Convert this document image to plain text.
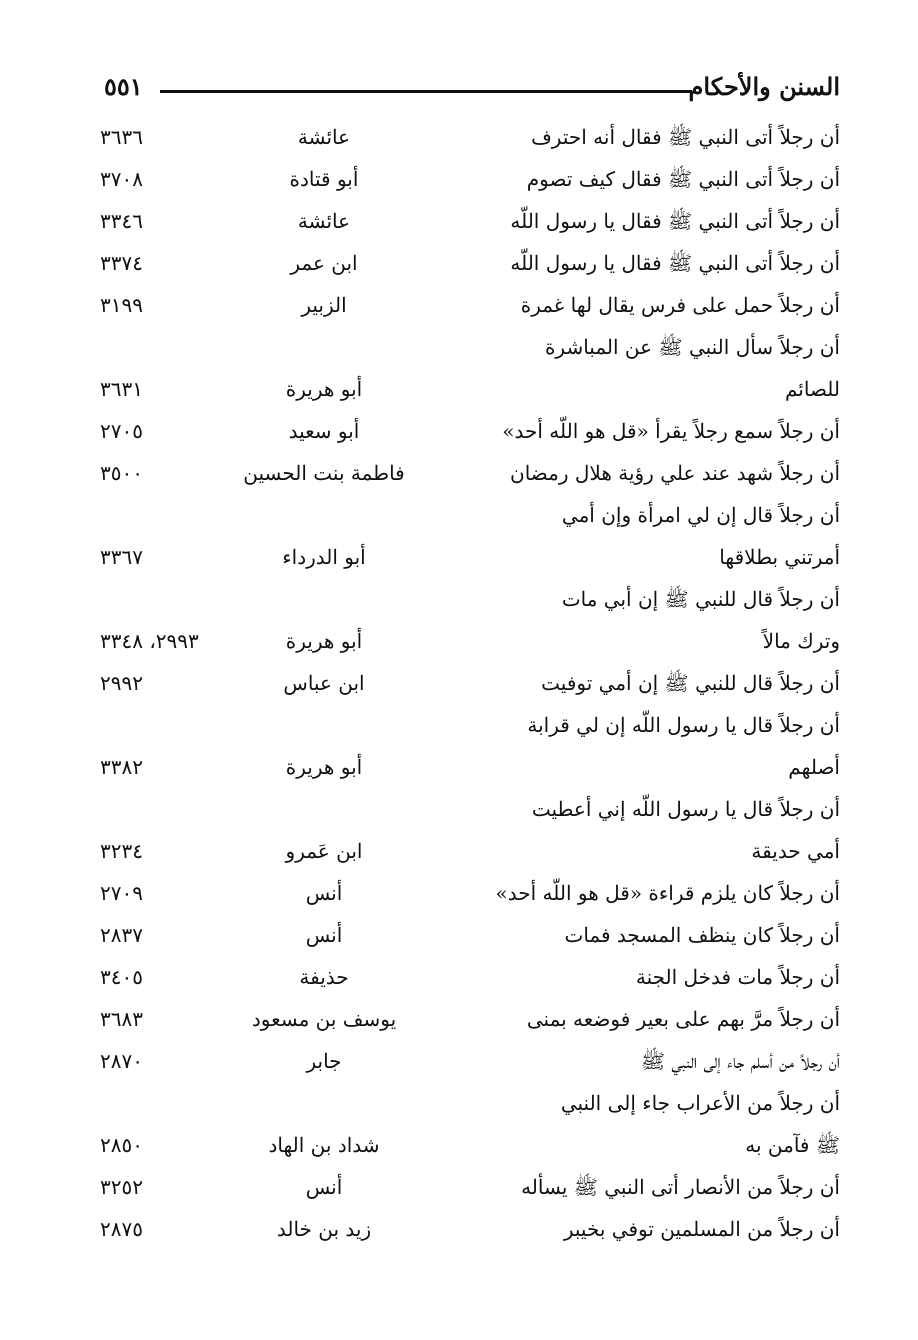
السنن والأحكام
٥٥١
أن رجلاً أتى النبي ﷺ فقال أنه احترف
عائشة
٣٦٣٦
أن رجلاً أتى النبي ﷺ فقال كيف تصوم
أبو قتادة
٣٧٠٨
أن رجلاً أتى النبي ﷺ فقال يا رسول اللّه
عائشة
٣٣٤٦
أن رجلاً أتى النبي ﷺ فقال يا رسول اللّه
ابن عمر
٣٣٧٤
أن رجلاً حمل على فرس يقال لها غمرة
الزبير
٣١٩٩
أن رجلاً سأل النبي ﷺ عن المباشرة
للصائم
أبو هريرة
٣٦٣١
أن رجلاً سمع رجلاً يقرأ «قل هو اللّه أحد»
أبو سعيد
٢٧٠٥
أن رجلاً شهد عند علي رؤية هلال رمضان
فاطمة بنت الحسين
٣٥٠٠
أن رجلاً قال إن لي امرأة وإن أمي
أمرتني بطلاقها
أبو الدرداء
٣٣٦٧
أن رجلاً قال للنبي ﷺ إن أبي مات
وترك مالاً
أبو هريرة
٢٩٩٣، ٣٣٤٨
أن رجلاً قال للنبي ﷺ إن أمي توفيت
ابن عباس
٢٩٩٢
أن رجلاً قال يا رسول اللّه إن لي قرابة
أصلهم
أبو هريرة
٣٣٨٢
أن رجلاً قال يا رسول اللّه إني أعطيت
أمي حديقة
ابن عَمرو
٣٢٣٤
أن رجلاً كان يلزم قراءة «قل هو اللّه أحد»
أنس
٢٧٠٩
أن رجلاً كان ينظف المسجد فمات
أنس
٢٨٣٧
أن رجلاً مات فدخل الجنة
حذيفة
٣٤٠٥
أن رجلاً مرَّ بهم على بعير فوضعه بمنى
يوسف بن مسعود
٣٦٨٣
أن رجلاً من أسلم جاء إلى النبي ﷺ
جابر
٢٨٧٠
أن رجلاً من الأعراب جاء إلى النبي
ﷺ فآمن به
شداد بن الهاد
٢٨٥٠
أن رجلاً من الأنصار أتى النبي ﷺ يسأله
أنس
٣٢٥٢
أن رجلاً من المسلمين توفي بخيبر
زيد بن خالد
٢٨٧٥
